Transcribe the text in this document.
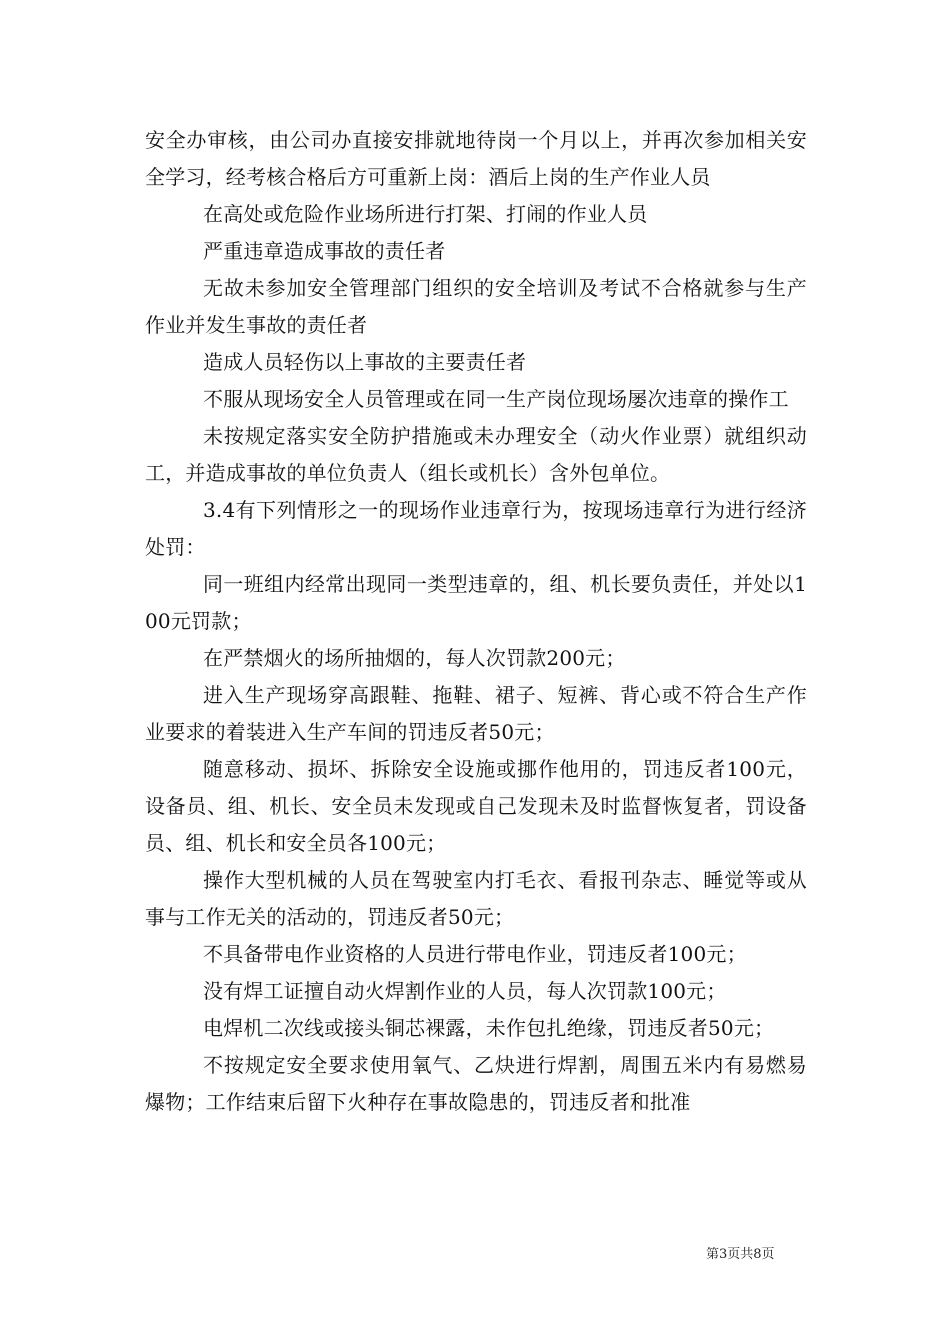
安全办审核，由公司办直接安排就地待岗一个月以上，并再次参加相关安全学习，经考核合格后方可重新上岗：酒后上岗的生产作业人员

在高处或危险作业场所进行打架、打闹的作业人员

严重违章造成事故的责任者

无故未参加安全管理部门组织的安全培训及考试不合格就参与生产作业并发生事故的责任者

造成人员轻伤以上事故的主要责任者

不服从现场安全人员管理或在同一生产岗位现场屡次违章的操作工

未按规定落实安全防护措施或未办理安全（动火作业票）就组织动工，并造成事故的单位负责人（组长或机长）含外包单位。

3.4有下列情形之一的现场作业违章行为，按现场违章行为进行经济处罚：

同一班组内经常出现同一类型违章的，组、机长要负责任，并处以100元罚款；

在严禁烟火的场所抽烟的，每人次罚款200元；

进入生产现场穿高跟鞋、拖鞋、裙子、短裤、背心或不符合生产作业要求的着装进入生产车间的罚违反者50元；

随意移动、损坏、拆除安全设施或挪作他用的，罚违反者100元，设备员、组、机长、安全员未发现或自己发现未及时监督恢复者，罚设备员、组、机长和安全员各100元；

操作大型机械的人员在驾驶室内打毛衣、看报刊杂志、睡觉等或从事与工作无关的活动的，罚违反者50元；

不具备带电作业资格的人员进行带电作业，罚违反者100元；

没有焊工证擅自动火焊割作业的人员，每人次罚款100元；

电焊机二次线或接头铜芯裸露，未作包扎绝缘，罚违反者50元；

不按规定安全要求使用氧气、乙炔进行焊割，周围五米内有易燃易爆物；工作结束后留下火种存在事故隐患的，罚违反者和批准

第3页共8页
